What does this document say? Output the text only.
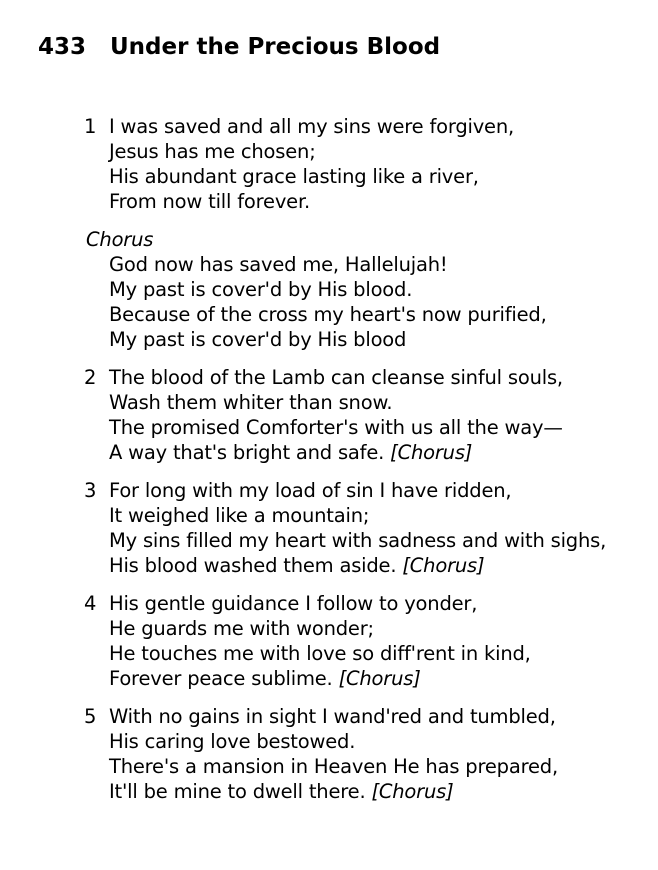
433 Under the Precious Blood
1 I was saved and all my sins were forgiven,
Jesus has me chosen;
His abundant grace lasting like a river,
From now till forever.
Chorus
God now has saved me, Hallelujah!
My past is cover'd by His blood.
Because of the cross my heart's now purified,
My past is cover'd by His blood
2 The blood of the Lamb can cleanse sinful souls,
Wash them whiter than snow.
The promised Comforter's with us all the way—
A way that's bright and safe. [Chorus]
3 For long with my load of sin I have ridden,
It weighed like a mountain;
My sins filled my heart with sadness and with sighs,
His blood washed them aside. [Chorus]
4 His gentle guidance I follow to yonder,
He guards me with wonder;
He touches me with love so diff'rent in kind,
Forever peace sublime. [Chorus]
5 With no gains in sight I wand'red and tumbled,
His caring love bestowed.
There's a mansion in Heaven He has prepared,
It'll be mine to dwell there. [Chorus]
